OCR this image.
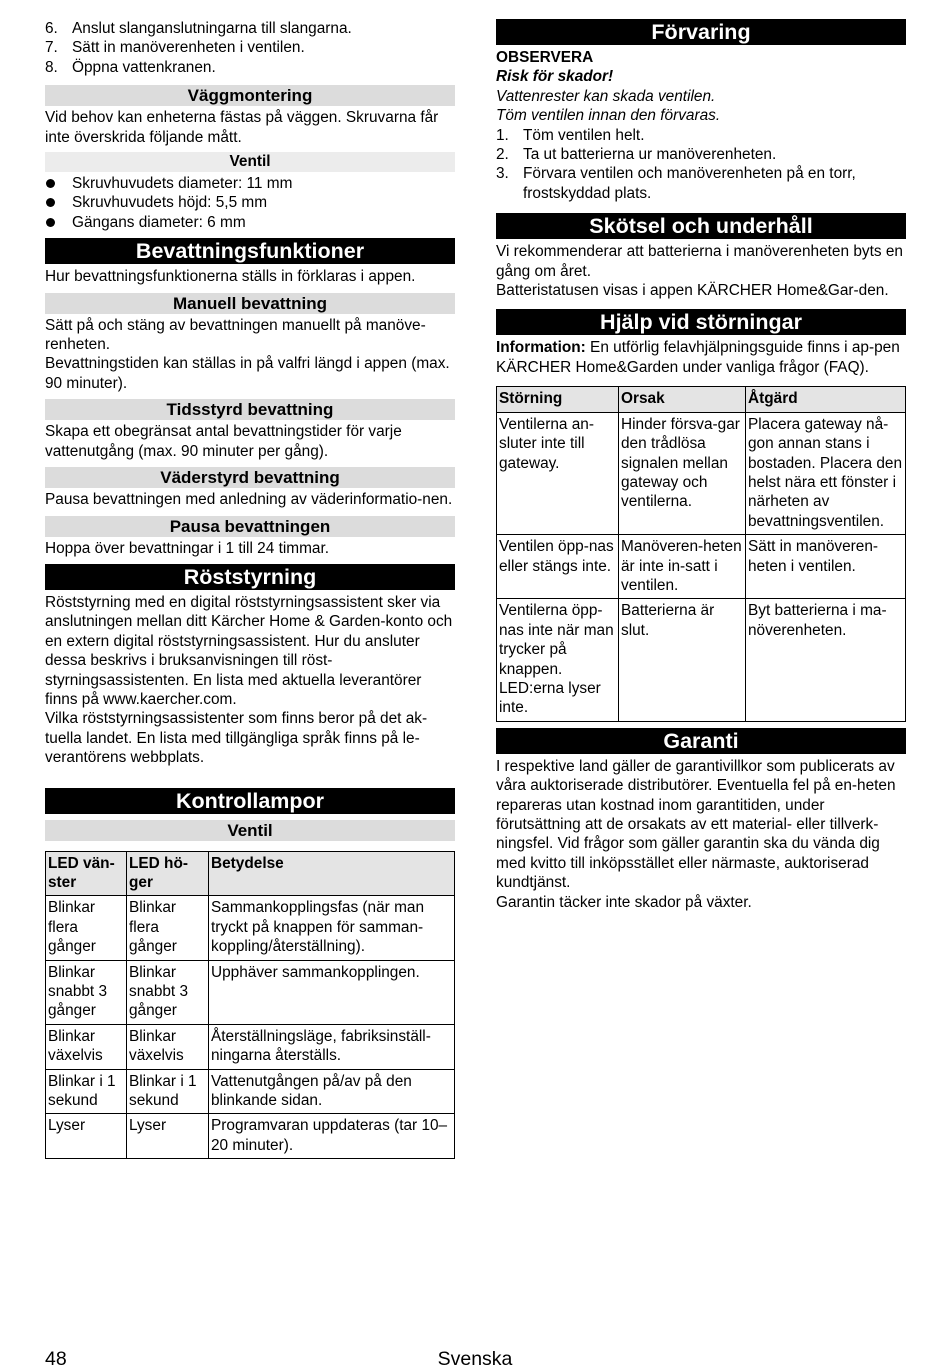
6. Anslut slanganslutningarna till slangarna.
7. Sätt in manöverenheten i ventilen.
8. Öppna vattenkranen.
Väggmontering

Vid behov kan enheterna fästas på väggen. Skruvarna får inte överskrida följande mått.

Ventil
Skruvhuvudets diameter: 11 mm
Skruvhuvudets höjd: 5,5 mm
Gängans diameter: 6 mm
Bevattningsfunktioner

Hur bevattningsfunktionerna ställs in förklaras i appen.

Manuell bevattning

Sätt på och stäng av bevattningen manuellt på manöve-renheten.

Bevattningstiden kan ställas in på valfri längd i appen (max. 90 minuter).

Tidsstyrd bevattning

Skapa ett obegränsat antal bevattningstider för varje vattenutgång (max. 90 minuter per gång).

Väderstyrd bevattning

Pausa bevattningen med anledning av väderinformatio-nen.

Pausa bevattningen

Hoppa över bevattningar i 1 till 24 timmar.

Röststyrning

Röststyrning med en digital röststyrningsassistent sker via anslutningen mellan ditt Kärcher Home & Garden-konto och en extern digital röststyrningsassistent. Hur du ansluter dessa beskrivs i bruksanvisningen till röst-styrningsassistenten. En lista med aktuella leverantörer finns på www.kaercher.com.

Vilka röststyrningsassistenter som finns beror på det ak-tuella landet. En lista med tillgängliga språk finns på le-verantörens webbplats.

Kontrollampor
Ventil
LED vän-ster	LED hö-ger	Betydelse
Blinkar flera gånger	Blinkar flera gånger	Sammankopplingsfas (när man tryckt på knappen för samman-koppling/återställning).
Blinkar snabbt 3 gånger	Blinkar snabbt 3 gånger	Upphäver sammankopplingen.
Blinkar växelvis	Blinkar växelvis	Återställningsläge, fabriksinställ-ningarna återställs.
Blinkar i 1 sekund	Blinkar i 1 sekund	Vattenutgången på/av på den blinkande sidan.
Lyser	Lyser	Programvaran uppdateras (tar 10–20 minuter).
Förvaring

OBSERVERA

Risk för skador!

Vattenrester kan skada ventilen.

Töm ventilen innan den förvaras.

1. Töm ventilen helt.
2. Ta ut batterierna ur manöverenheten.
3. Förvara ventilen och manöverenheten på en torr, frostskyddad plats.
Skötsel och underhåll

Vi rekommenderar att batterierna i manöverenheten byts en gång om året.

Batteristatusen visas i appen KÄRCHER Home&Gar-den.

Hjälp vid störningar

Information: En utförlig felavhjälpningsguide finns i ap-pen KÄRCHER Home&Garden under vanliga frågor (FAQ).

Störning	Orsak	Åtgärd
Ventilerna an-sluter inte till gateway.	Hinder försva-gar den trådlösa signalen mellan gateway och ventilerna.	Placera gateway nå-gon annan stans i bostaden. Placera den helst nära ett fönster i närheten av bevattningsventilen.
Ventilen öpp-nas eller stängs inte.	Manöveren-heten är inte in-satt i ventilen.	Sätt in manöveren-heten i ventilen.
Ventilerna öpp-nas inte när man trycker på knappen. LED:erna lyser inte.	Batterierna är slut.	Byt batterierna i ma-növerenheten.
Garanti

I respektive land gäller de garantivillkor som publicerats av våra auktoriserade distributörer. Eventuella fel på en-heten repareras utan kostnad inom garantitiden, under förutsättning att de orsakats av ett material- eller tillverk-ningsfel. Vid frågor som gäller garantin ska du vända dig med kvitto till inköpsstället eller närmaste, auktoriserad kundtjänst.

Garantin täcker inte skador på växter.

Svenska
48
